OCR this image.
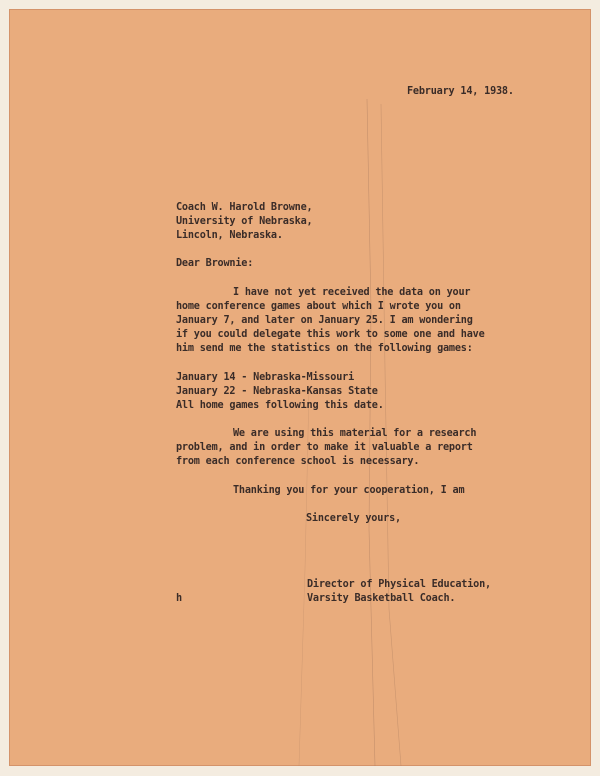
February 14, 1938.
Coach W. Harold Browne,
University of Nebraska,
Lincoln, Nebraska.
Dear Brownie:
I have not yet received the data on your
home conference games about which I wrote you on
January 7, and later on January 25. I am wondering
if you could delegate this work to some one and have
him send me the statistics on the following games:
January 14 - Nebraska-Missouri
January 22 - Nebraska-Kansas State
All home games following this date.
We are using this material for a research
problem, and in order to make it valuable a report
from each conference school is necessary.
Thanking you for your cooperation, I am
Sincerely yours,
Director of Physical Education,
Varsity Basketball Coach.
h
